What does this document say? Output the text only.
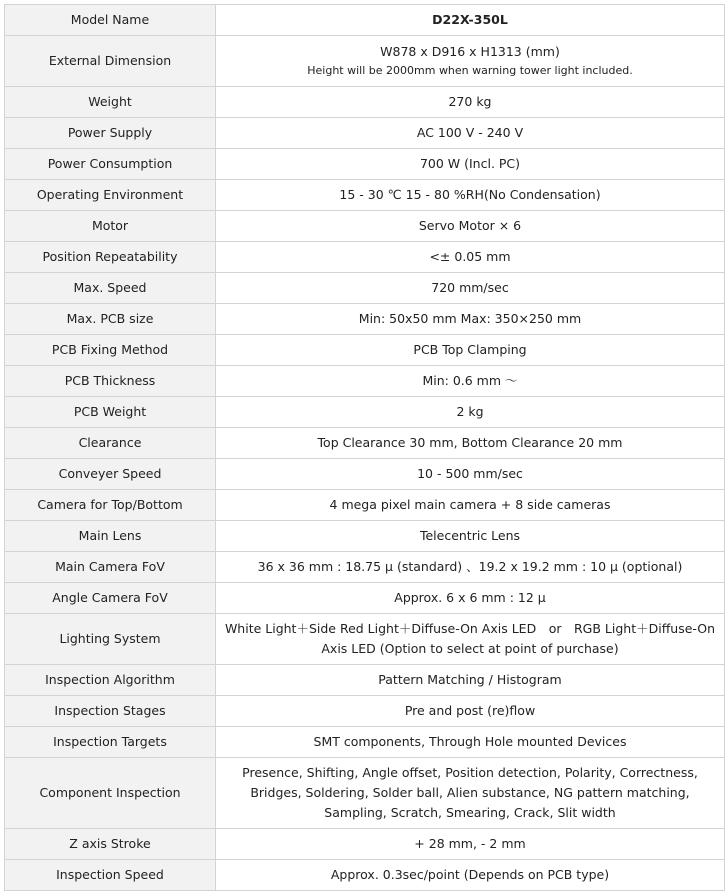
Model Name	D22X-350L

External Dimension	W878 x D916 x H1313 (mm)
Height will be 2000mm when warning tower light included.

Weight	270 kg

Power Supply	AC 100 V - 240 V

Power Consumption	700 W (Incl. PC)

Operating Environment	15 - 30 ℃ 15 - 80 %RH(No Condensation)

Motor	Servo Motor × 6

Position Repeatability	<± 0.05 mm

Max. Speed	720 mm/sec

Max. PCB size	Min: 50x50 mm Max: 350×250 mm

PCB Fixing Method	PCB Top Clamping

PCB Thickness	Min: 0.6 mm ～

PCB Weight	2 kg

Clearance	Top Clearance 30 mm, Bottom Clearance 20 mm

Conveyer Speed	10 - 500 mm/sec

Camera for Top/Bottom	4 mega pixel main camera + 8 side cameras

Main Lens	Telecentric Lens

Main Camera FoV	36 x 36 mm : 18.75 μ (standard) 、19.2 x 19.2 mm : 10 μ (optional)

Angle Camera FoV	Approx. 6 x 6 mm : 12 μ

Lighting System	White Light＋Side Red Light＋Diffuse-On Axis LED　or　RGB Light＋Diffuse-On Axis LED (Option to select at point of purchase)

Inspection Algorithm	Pattern Matching / Histogram

Inspection Stages	Pre and post (re)flow

Inspection Targets	SMT components, Through Hole mounted Devices

Component Inspection	Presence, Shifting, Angle offset, Position detection, Polarity, Correctness, Bridges, Soldering, Solder ball, Alien substance, NG pattern matching, Sampling, Scratch, Smearing, Crack, Slit width

Z axis Stroke	+ 28 mm, - 2 mm

Inspection Speed	Approx. 0.3sec/point (Depends on PCB type)
